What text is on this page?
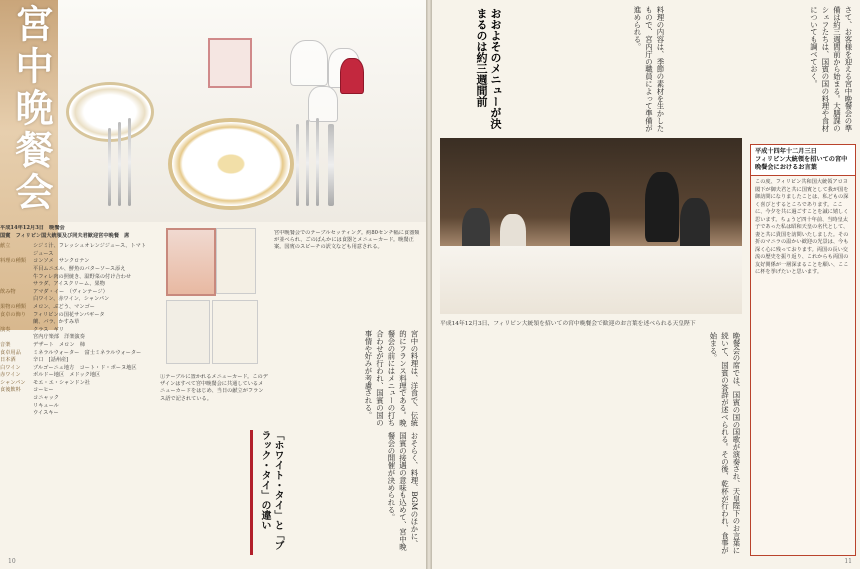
宮中晩餐会
平成14年12月3日　晩餐会
国賓　フィリピン国大統領及び同夫君歓迎宮中晩餐　席
献立	シジミ汁、フレッシュオレンジジュース、トマトジュース
料理の種類	コンソメ　サンクロナン
平目ムニエル、鮮魚のバターソース添え
牛フィレ肉の照焼き、温野菜の付け合わせ
サラダ、アイスクリーム、果物
飲み物	アマダ・イー　（ヴィンテージ）
白ワイン、赤ワイン、シャンパン
果物の種類	メロン、ぶどう、マンゴー
食卓の飾り	フィリピンの国花サンパギータ
蘭、バラ、かすみ草
演奏	クラス　ギリ
宮内庁楽部　洋楽演奏
音楽	デザート　メロン　柿
食卓用品	ミネラルウォーター　富士ミネラルウォーター
日本酒	辛口　[話州産]
白ワイン	ブルゴーニュ地方　コート・ド・ボーヌ地区
赤ワイン	ボルドー地区　メドック地区
シャンパン	モエ・エ・シャンドン社
食後飲料	コーヒー
コニャック
リキュール
ウイスキー
宮中晩餐会でのテーブルセッティング。約80センチ幅に食器類が並べられ、ごのばんかには食器とメニューカード。晩餐正案。国賓のスピーチの訳文なども用意される。
①テーブルに置かれるメニューカード。このデザインはすべて宮中晩餐会に共通しているメニューカードをはじめ、当日の献立がフランス語で記されている。	宮中の料理は、洋食で、伝統的にフランス料理である。晩餐会の前にはメニューの打ち合わせが行われ、国賓の国の事情や好みが考慮される。
おそらく、料理、BGMのほかに、国賓の接遇の意味も込めて、宮中晩餐会の開催が決められる。
「ホワイト・タイ」と「ブラック・タイ」の違い
10
さて、お客様を迎える宮中晩餐会の準備は約三週間前から始まる。大膳課のシェフたちは、国賓の国の料理や食材についても調べておく。
おおよそのメニューが決まるのは約三週間前	料理の内容は、季節の素材を生かしたもので、宮内庁の職員によって準備が進められる。
平成14年12月3日、フィリピン大統領を招いての宮中晩餐会で歓迎のお言葉を述べられる天皇陛下
晩餐会の席では、国賓の国の国歌が演奏され、天皇陛下のお言葉に続いて、国賓の答辞が述べられる。その後、乾杯が行われ、食事が始まる。
平成十四年十二月三日
フィリピン大統領を招いての宮中晩餐会におけるお言葉
この度、フィリピン共和国大統領アロヨ閣下が御夫君と共に国賓として我が国を御訪問になりましたことは、私どもの深く喜びとするところであります。ここに、今夕を共に過ごすことを誠に嬉しく思います。ちょうど四十年前、当時皇太子であった私は昭和天皇の名代として、妻と共に貴国を訪問いたしました。その折のマニラの温かい歓迎の光景は、今も深く心に残っております。両国の長い交流の歴史を振り返り、これからも両国の友好関係が一層深まることを願い、ここに杯を挙げたいと思います。
11
